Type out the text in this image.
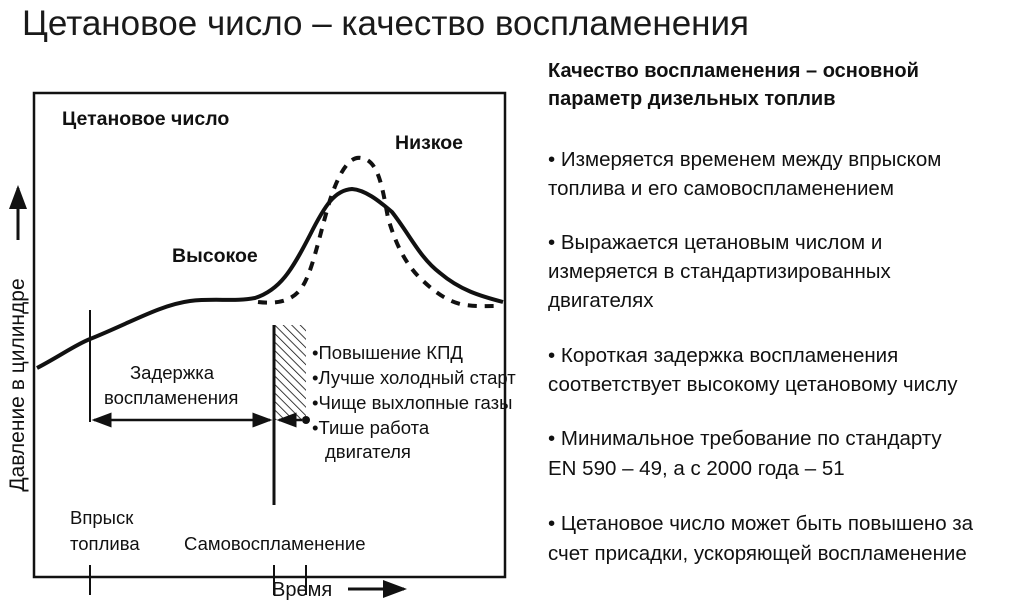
Цетановое число – качество воспламенения
Давление в цилиндре
Цетановое число
Низкое
Высокое
Задержка
воспламенения
•Повышение КПД
•Лучше холодный старт
•Чище выхлопные газы
•Тише работа
двигателя
Впрыск
топлива Самовоспламенение
Время
Качество воспламенения – основной
параметр дизельных топлив
• Измеряется временем между впрыском
топлива и его самовоспламенением
• Выражается цетановым числом и
измеряется в стандартизированных
двигателях
• Короткая задержка воспламенения
соответствует высокому цетановому числу
• Минимальное требование по стандарту
EN 590 – 49, а с 2000 года – 51
• Цетановое число может быть повышено за
счет присадки, ускоряющей воспламенение
